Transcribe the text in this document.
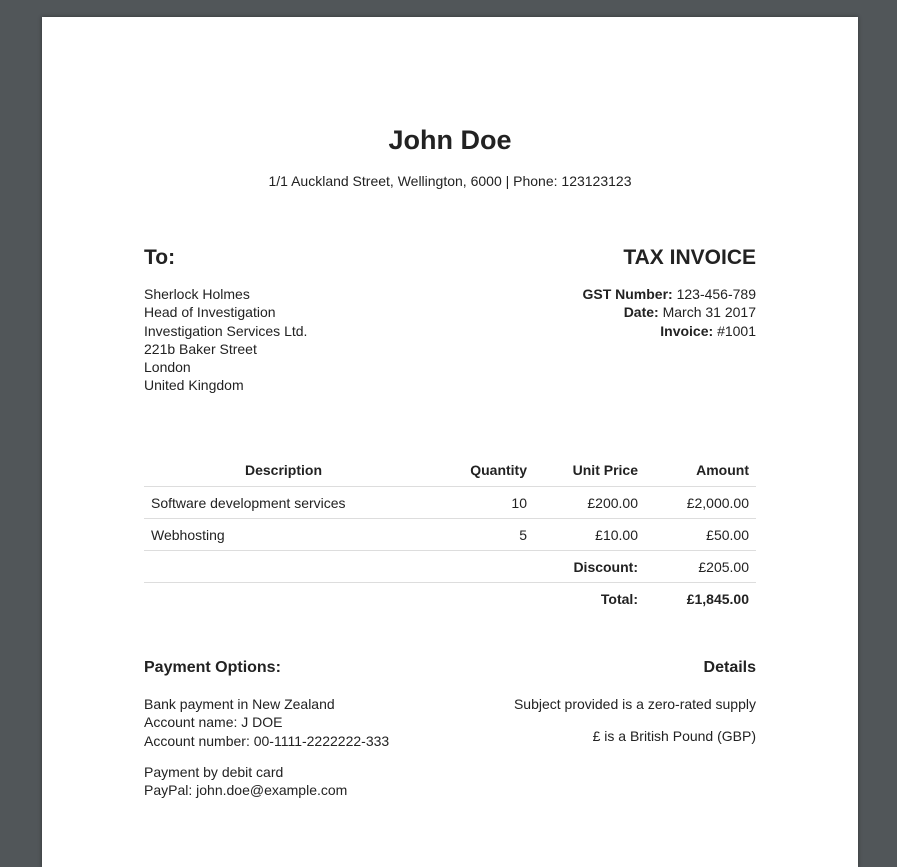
John Doe
1/1 Auckland Street, Wellington, 6000 | Phone: 123123123
To:	TAX INVOICE
Sherlock Holmes
Head of Investigation
Investigation Services Ltd.
221b Baker Street
London
United Kingdom
GST Number: 123-456-789
Date: March 31 2017
Invoice: #1001
Description	Quantity	Unit Price	Amount
Software development services	10	£200.00	£2,000.00
Webhosting	5	£10.00	£50.00
		Discount:	£205.00
		Total:	£1,845.00
Payment Options:	Details
Bank payment in New Zealand
Account name: J DOE
Account number: 00-1111-2222222-333
Payment by debit card
PayPal: john.doe@example.com
Subject provided is a zero-rated supply
£ is a British Pound (GBP)
